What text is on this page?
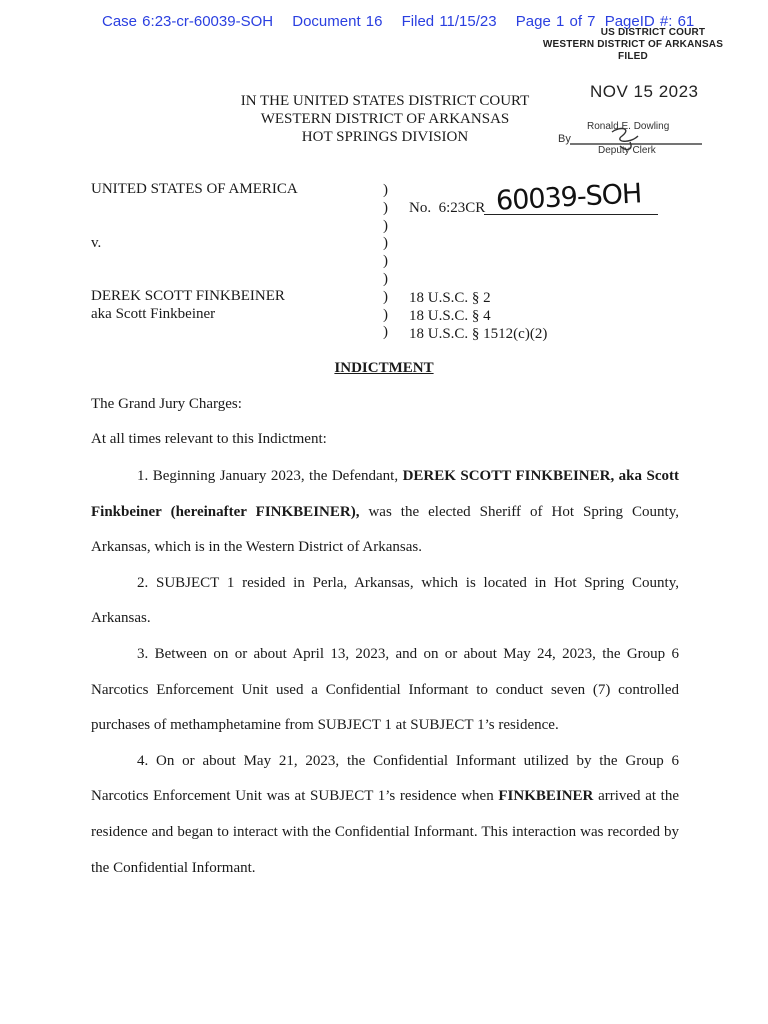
Case 6:23-cr-60039-SOH Document 16 Filed 11/15/23 Page 1 of 7 PageID #: 61
US DISTRICT COURT
WESTERN DISTRICT OF ARKANSAS
FILED
NOV 15 2023
Ronald E. Dowling
By
Deputy Clerk
IN THE UNITED STATES DISTRICT COURT
WESTERN DISTRICT OF ARKANSAS
HOT SPRINGS DIVISION
UNITED STATES OF AMERICA
v.
DEREK SCOTT FINKBEINER
aka Scott Finkbeiner
)
)
)
)
)
)
)
)
)
No.  6:23CR 60039-SOH
18 U.S.C. § 2
18 U.S.C. § 4
18 U.S.C. § 1512(c)(2)
INDICTMENT
The Grand Jury Charges:
At all times relevant to this Indictment:

1. Beginning January 2023, the Defendant, DEREK SCOTT FINKBEINER, aka Scott Finkbeiner (hereinafter FINKBEINER), was the elected Sheriff of Hot Spring County, Arkansas, which is in the Western District of Arkansas.

2. SUBJECT 1 resided in Perla, Arkansas, which is located in Hot Spring County, Arkansas.

3. Between on or about April 13, 2023, and on or about May 24, 2023, the Group 6 Narcotics Enforcement Unit used a Confidential Informant to conduct seven (7) controlled purchases of methamphetamine from SUBJECT 1 at SUBJECT 1’s residence.

4. On or about May 21, 2023, the Confidential Informant utilized by the Group 6 Narcotics Enforcement Unit was at SUBJECT 1’s residence when FINKBEINER arrived at the residence and began to interact with the Confidential Informant. This interaction was recorded by the Confidential Informant.
